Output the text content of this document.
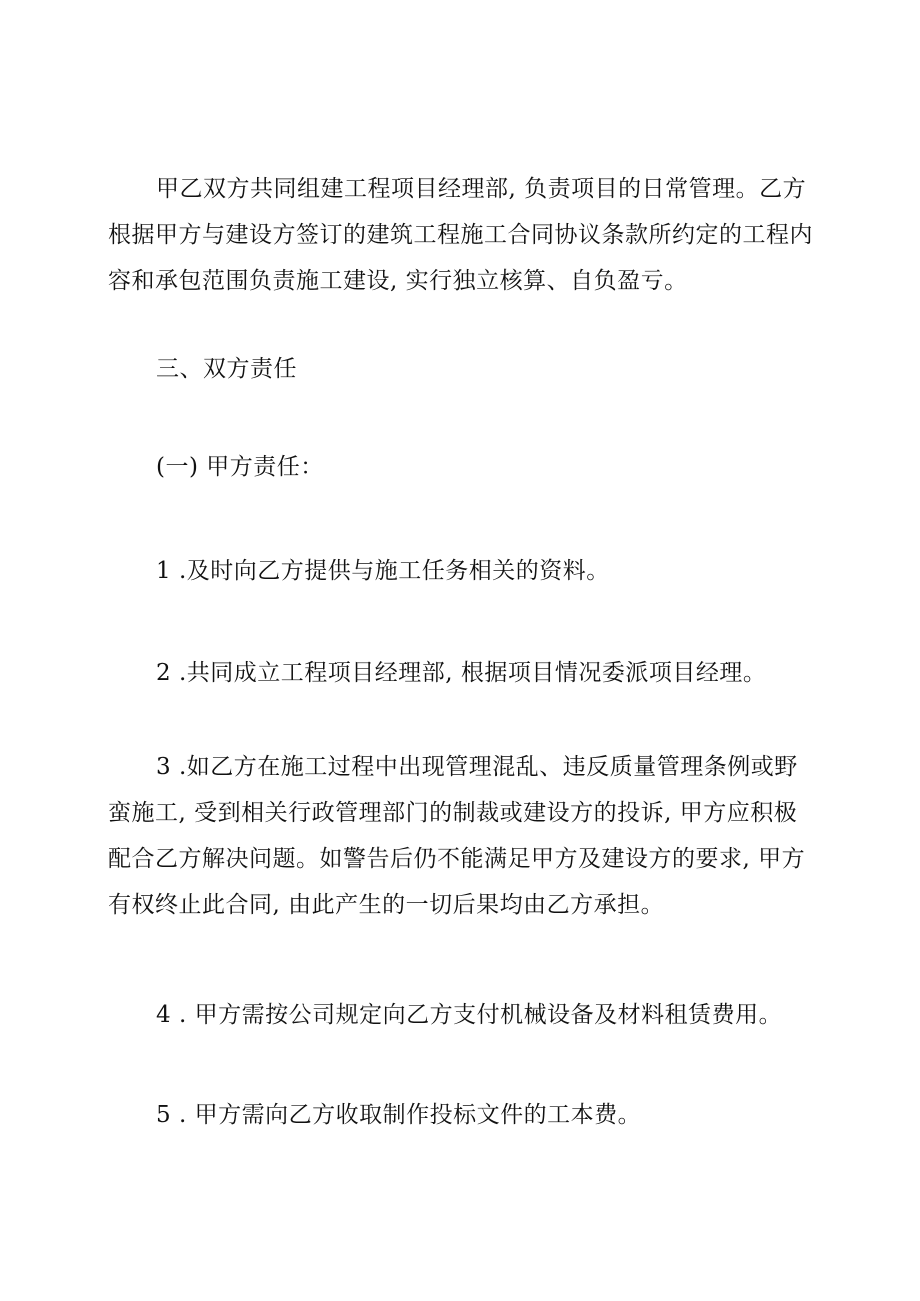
甲乙双方共同组建工程项目经理部, 负责项目的日常管理。乙方根据甲方与建设方签订的建筑工程施工合同协议条款所约定的工程内容和承包范围负责施工建设, 实行独立核算、自负盈亏。

三、双方责任

(一) 甲方责任：

1 .及时向乙方提供与施工任务相关的资料。

2 .共同成立工程项目经理部, 根据项目情况委派项目经理。

3 .如乙方在施工过程中出现管理混乱、违反质量管理条例或野蛮施工, 受到相关行政管理部门的制裁或建设方的投诉, 甲方应积极配合乙方解决问题。如警告后仍不能满足甲方及建设方的要求, 甲方有权终止此合同, 由此产生的一切后果均由乙方承担。

4 . 甲方需按公司规定向乙方支付机械设备及材料租赁费用。

5 . 甲方需向乙方收取制作投标文件的工本费。
